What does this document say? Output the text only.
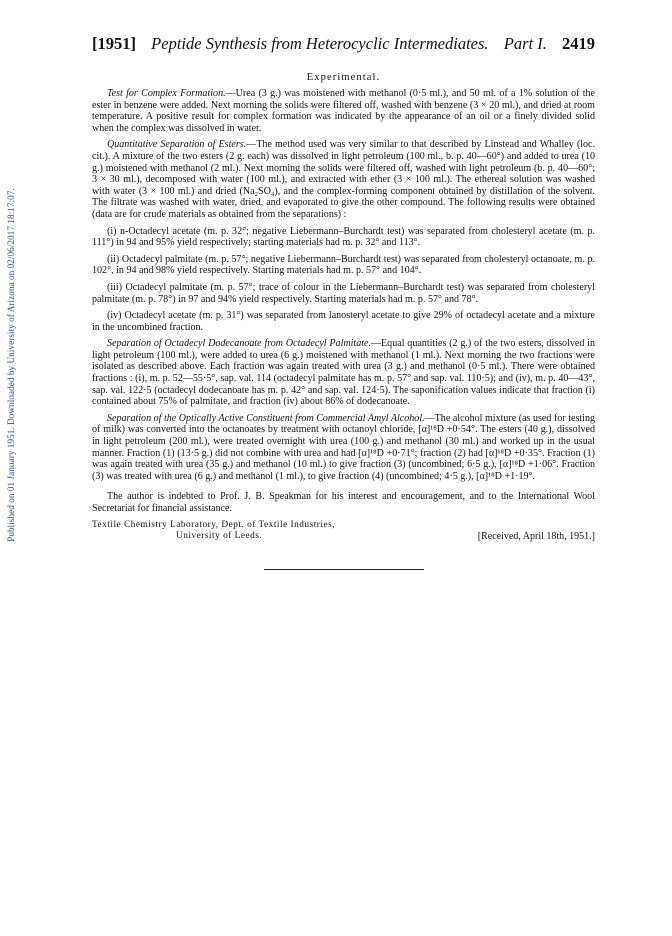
Published on 01 January 1951. Downloaded by University of Arizona on 02/06/2017 18:17:07.
[1951] Peptide Synthesis from Heterocyclic Intermediates. Part I. 2419
Experimental.

Test for Complex Formation.—Urea (3 g.) was moistened with methanol (0·5 ml.), and 50 ml. of a 1% solution of the ester in benzene were added. Next morning the solids were filtered off, washed with benzene (3 × 20 ml.), and dried at room temperature. A positive result for complex formation was indicated by the appearance of an oil or a finely divided solid when the complex was dissolved in water.

Quantitative Separation of Esters.—The method used was very similar to that described by Linstead and Whalley (loc. cit.). A mixture of the two esters (2 g. each) was dissolved in light petroleum (100 ml., b. p. 40—60°) and added to urea (10 g.) moistened with methanol (2 ml.). Next morning the solids were filtered off, washed with light petroleum (b. p. 40—60°; 3 × 30 ml.), decomposed with water (100 ml.), and extracted with ether (3 × 100 ml.). The ethereal solution was washed with water (3 × 100 ml.) and dried (Na₂SO₄), and the complex-forming component obtained by distillation of the solvent. The filtrate was washed with water, dried, and evaporated to give the other compound. The following results were obtained (data are for crude materials as obtained from the separations) :

(i) n-Octadecyl acetate (m. p. 32°; negative Liebermann–Burchardt test) was separated from cholesteryl acetate (m. p. 111°) in 94 and 95% yield respectively; starting materials had m. p. 32° and 113°.

(ii) Octadecyl palmitate (m. p. 57°; negative Liebermann–Burchardt test) was separated from cholesteryl octanoate, m. p. 102°, in 94 and 98% yield respectively. Starting materials had m. p. 57° and 104°.

(iii) Octadecyl palmitate (m. p. 57°; trace of colour in the Liebermann–Burchardt test) was separated from cholesteryl palmitate (m. p. 78°) in 97 and 94% yield respectively. Starting materials had m. p. 57° and 78°.

(iv) Octadecyl acetate (m. p. 31°) was separated from lanosteryl acetate to give 29% of octadecyl acetate and a mixture in the uncombined fraction.

Separation of Octadecyl Dodecanoate from Octadecyl Palmitate.—Equal quantities (2 g.) of the two esters, dissolved in light petroleum (100 ml.), were added to urea (6 g.) moistened with methanol (1 ml.). Next morning the two fractions were isolated as described above. Each fraction was again treated with urea (3 g.) and methanol (0·5 ml.). There were obtained fractions : (i), m. p. 52—55·5°, sap. val. 114 (octadecyl palmitate has m. p. 57° and sap. val. 110·5); and (iv), m. p. 40—43°, sap. val. 122·5 (octadecyl dodecanoate has m. p. 42° and sap. val. 124·5). The saponification values indicate that fraction (i) contained about 75% of palmitate, and fraction (iv) about 86% of dodecanoate.

Separation of the Optically Active Constituent from Commercial Amyl Alcohol.—The alcohol mixture (as used for testing of milk) was converted into the octanoates by treatment with octanoyl chloride, [α]¹⁸D +0·54°. The esters (40 g.), dissolved in light petroleum (200 ml.), were treated overnight with urea (100 g.) and methanol (30 ml.) and worked up in the usual manner. Fraction (1) (13·5 g.) did not combine with urea and had [α]¹⁸D +0·71°; fraction (2) had [α]¹⁸D +0·35°. Fraction (1) was again treated with urea (35 g.) and methanol (10 ml.) to give fraction (3) (uncombined; 6·5 g.), [α]¹⁸D +1·06°. Fraction (3) was treated with urea (6 g.) and methanol (1 ml.), to give fraction (4) (uncombined; 4·5 g.), [α]¹⁸D +1·19°.

The author is indebted to Prof. J. B. Speakman for his interest and encouragement, and to the International Wool Secretariat for financial assistance.

Textile Chemistry Laboratory, Dept. of Textile Industries,
University of Leeds.	[Received, April 18th, 1951.]
